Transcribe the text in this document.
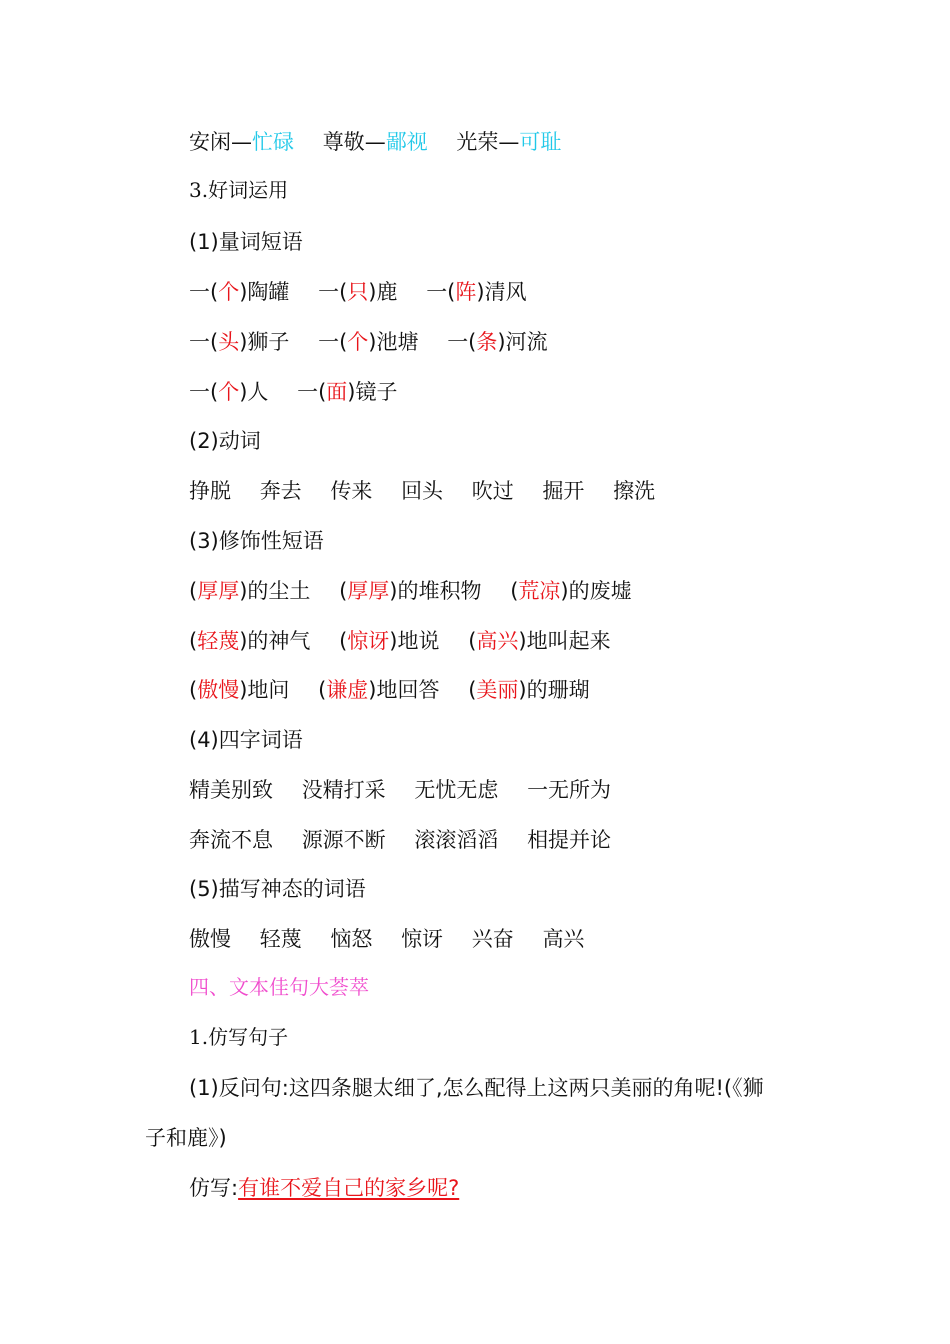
安闲—忙碌 尊敬—鄙视 光荣—可耻
3.好词运用
(1)量词短语
一(个)陶罐 一(只)鹿 一(阵)清风
一(头)狮子 一(个)池塘 一(条)河流
一(个)人 一(面)镜子
(2)动词
挣脱 奔去 传来 回头 吹过 掘开 擦洗
(3)修饰性短语
(厚厚)的尘土 (厚厚)的堆积物 (荒凉)的废墟
(轻蔑)的神气 (惊讶)地说 (高兴)地叫起来
(傲慢)地问 (谦虚)地回答 (美丽)的珊瑚
(4)四字词语
精美别致 没精打采 无忧无虑 一无所为
奔流不息 源源不断 滚滚滔滔 相提并论
(5)描写神态的词语
傲慢 轻蔑 恼怒 惊讶 兴奋 高兴
四、文本佳句大荟萃
1.仿写句子
(1)反问句:这四条腿太细了,怎么配得上这两只美丽的角呢!(《狮
子和鹿》)
仿写:有谁不爱自己的家乡呢?
